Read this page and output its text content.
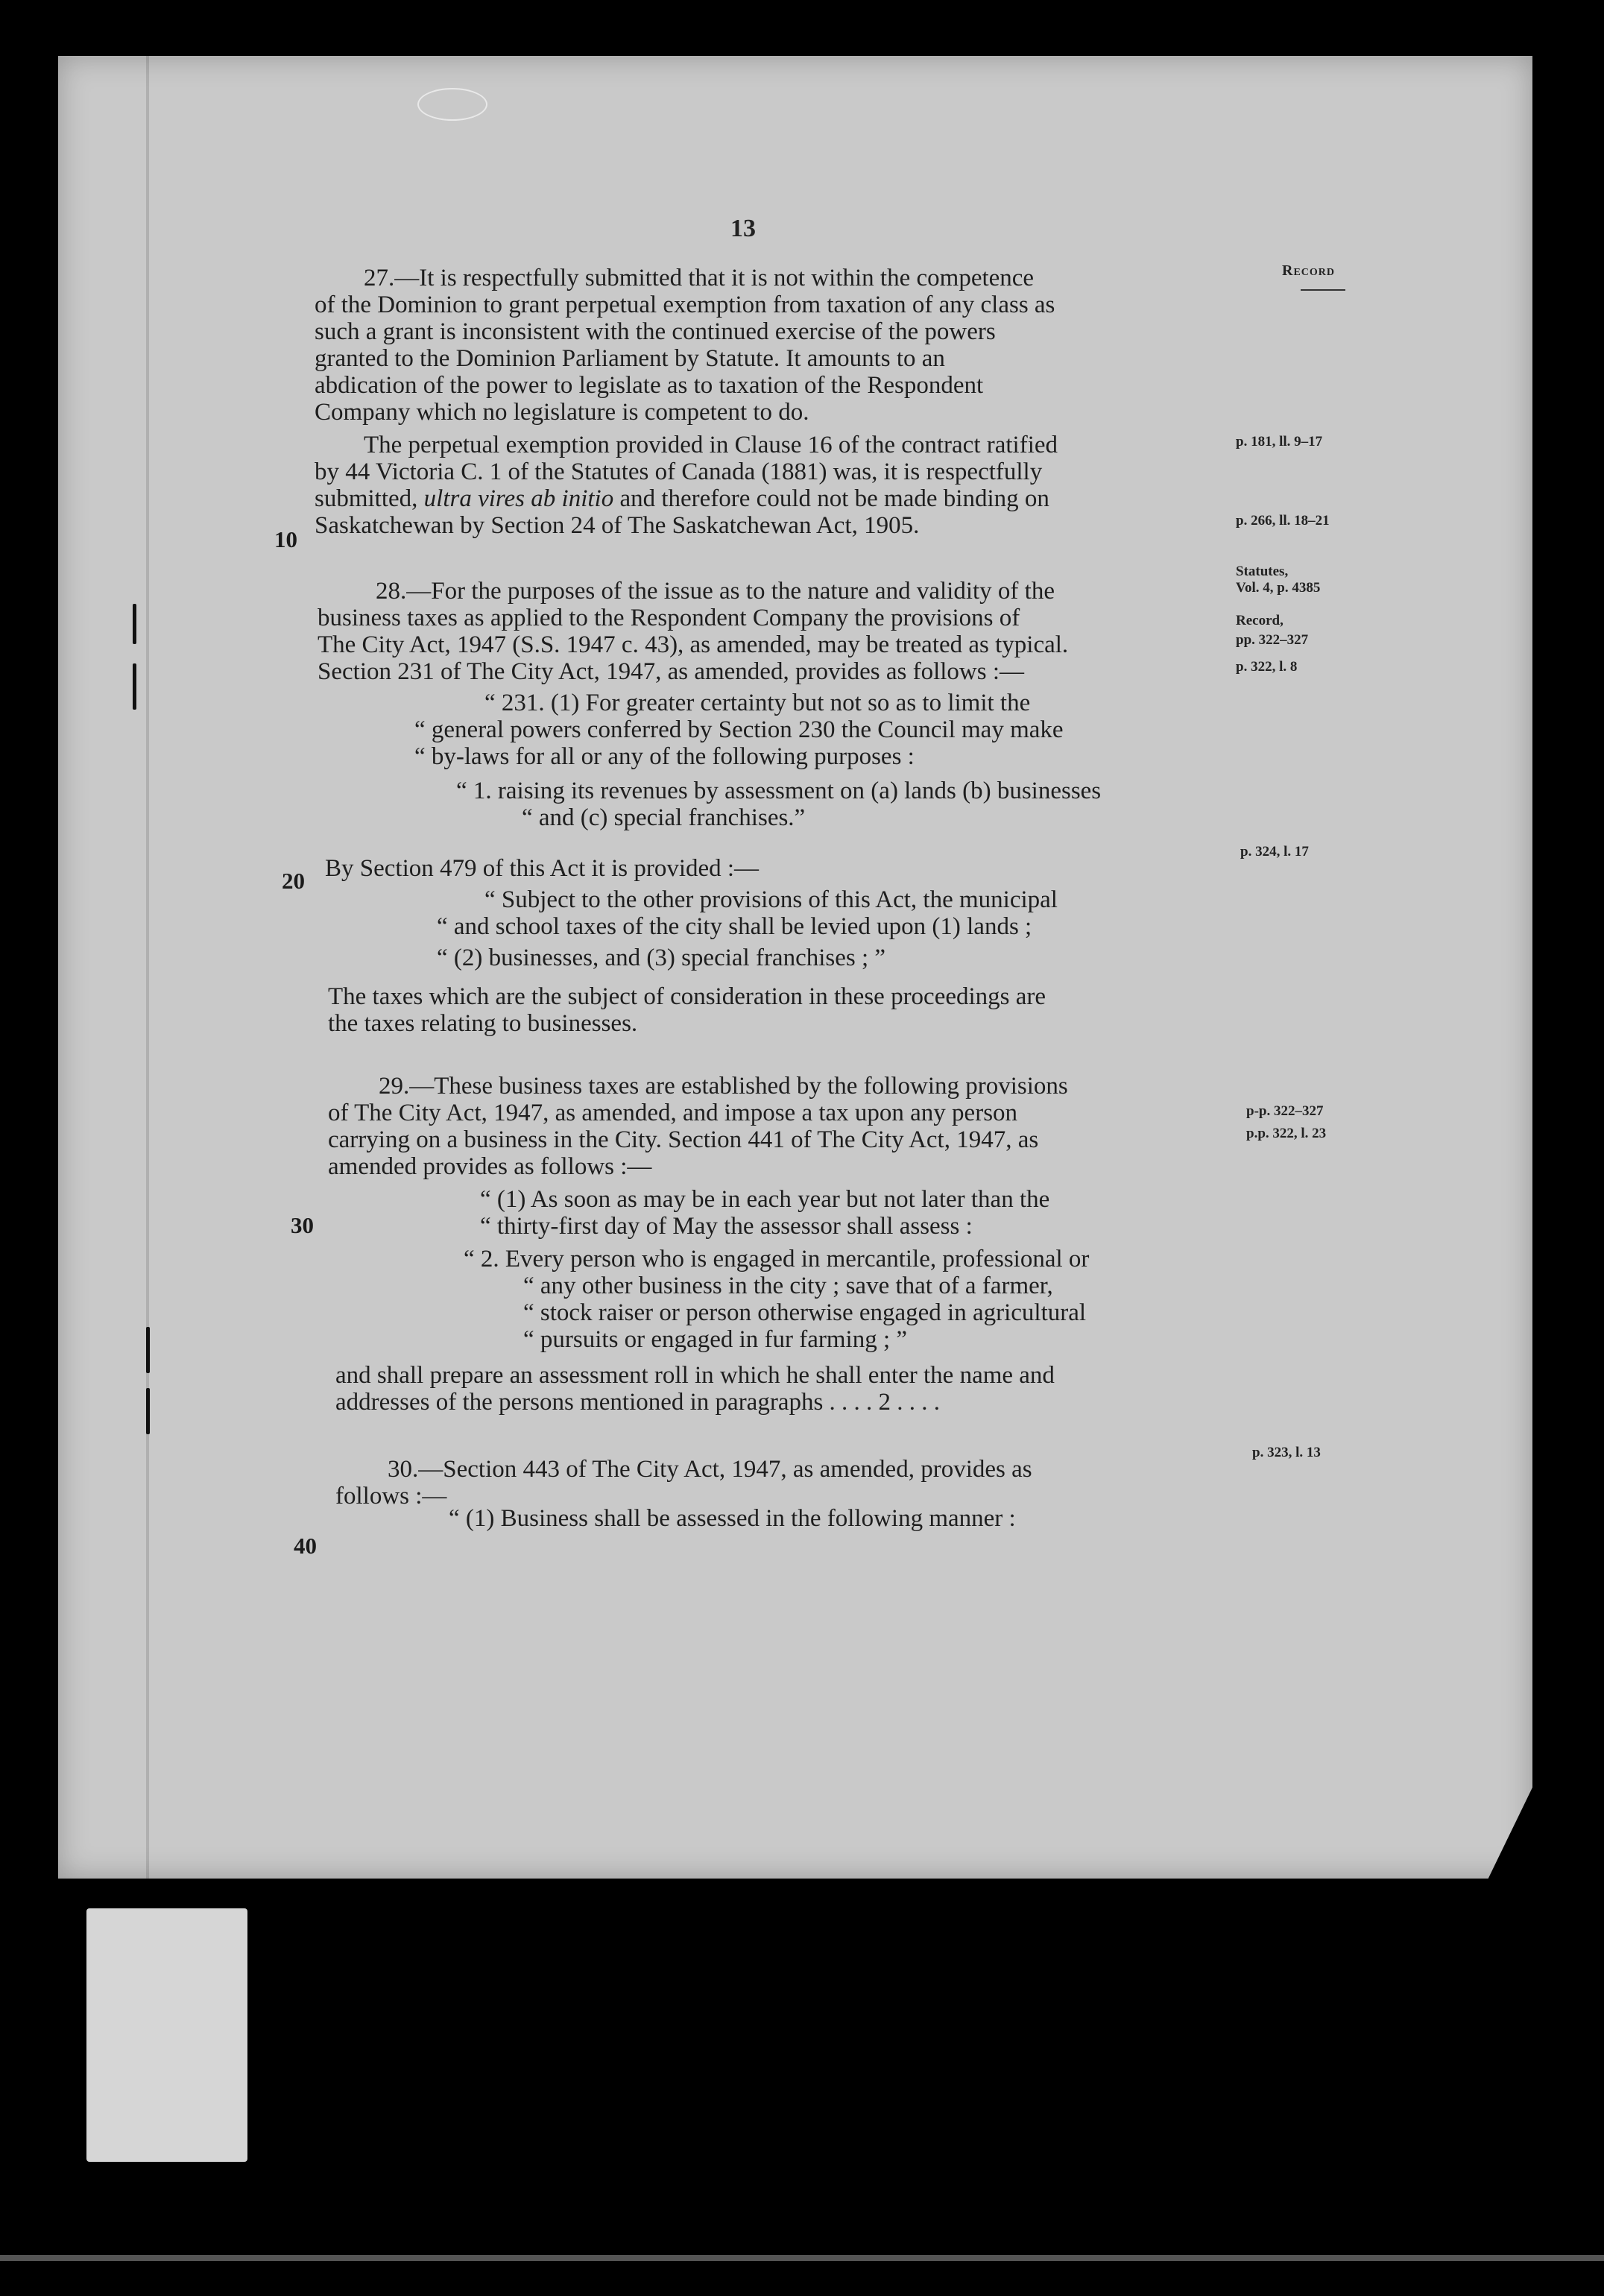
13
Record
27.—It is respectfully submitted that it is not within the competence
of the Dominion to grant perpetual exemption from taxation of any class as
such a grant is inconsistent with the continued exercise of the powers
granted to the Dominion Parliament by Statute. It amounts to an
abdication of the power to legislate as to taxation of the Respondent
Company which no legislature is competent to do.
The perpetual exemption provided in Clause 16 of the contract ratified
by 44 Victoria C. 1 of the Statutes of Canada (1881) was, it is respectfully
submitted, ultra vires ab initio and therefore could not be made binding on
Saskatchewan by Section 24 of The Saskatchewan Act, 1905.
28.—For the purposes of the issue as to the nature and validity of the
business taxes as applied to the Respondent Company the provisions of
The City Act, 1947 (S.S. 1947 c. 43), as amended, may be treated as typical.
Section 231 of The City Act, 1947, as amended, provides as follows :—
“ 231. (1) For greater certainty but not so as to limit the
“ general powers conferred by Section 230 the Council may make
“ by-laws for all or any of the following purposes :
“ 1. raising its revenues by assessment on (a) lands (b) businesses
“ and (c) special franchises.”
By Section 479 of this Act it is provided :—
“ Subject to the other provisions of this Act, the municipal
“ and school taxes of the city shall be levied upon (1) lands ;
“ (2) businesses, and (3) special franchises ; ”
The taxes which are the subject of consideration in these proceedings are
the taxes relating to businesses.
29.—These business taxes are established by the following provisions
of The City Act, 1947, as amended, and impose a tax upon any person
carrying on a business in the City. Section 441 of The City Act, 1947, as
amended provides as follows :—
“ (1) As soon as may be in each year but not later than the
“ thirty-first day of May the assessor shall assess :
“ 2. Every person who is engaged in mercantile, professional or
“ any other business in the city ; save that of a farmer,
“ stock raiser or person otherwise engaged in agricultural
“ pursuits or engaged in fur farming ; ”
and shall prepare an assessment roll in which he shall enter the name and
addresses of the persons mentioned in paragraphs . . . . 2 . . . .
30.—Section 443 of The City Act, 1947, as amended, provides as
follows :—
“ (1) Business shall be assessed in the following manner :
10
20
30
40
p. 181, ll. 9–17
p. 266, ll. 18–21
Statutes,
Vol. 4, p. 4385
Record,
pp. 322–327
p. 322, l. 8
p. 324, l. 17
p-p. 322–327
p.p. 322, l. 23
p. 323, l. 13
